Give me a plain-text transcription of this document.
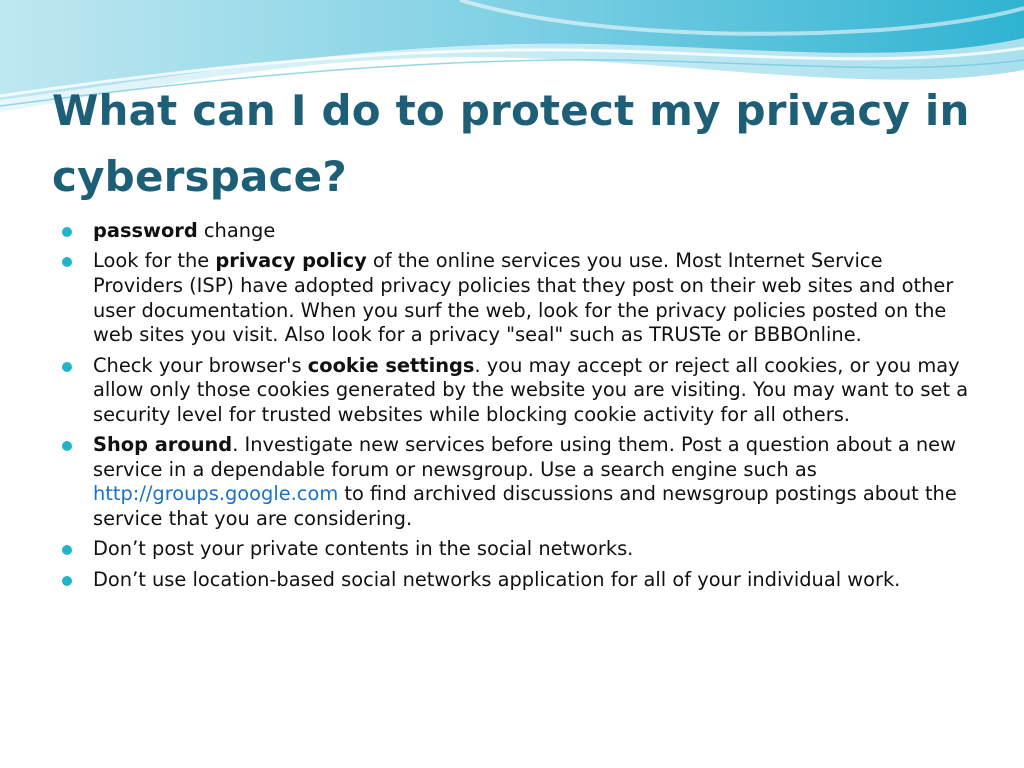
What can I do to protect my privacy in cyberspace?
password change
Look for the privacy policy of the online services you use. Most Internet Service Providers (ISP) have adopted privacy policies that they post on their web sites and other user documentation. When you surf the web, look for the privacy policies posted on the web sites you visit. Also look for a privacy "seal" such as TRUSTe or BBBOnline.
Check your browser's cookie settings. you may accept or reject all cookies, or you may allow only those cookies generated by the website you are visiting. You may want to set a security level for trusted websites while blocking cookie activity for all others.
Shop around. Investigate new services before using them. Post a question about a new service in a dependable forum or newsgroup. Use a search engine such as http://groups.google.com to find archived discussions and newsgroup postings about the service that you are considering.
Don’t post your private contents in the social networks.
Don’t use location-based social networks application for all of your individual work.
